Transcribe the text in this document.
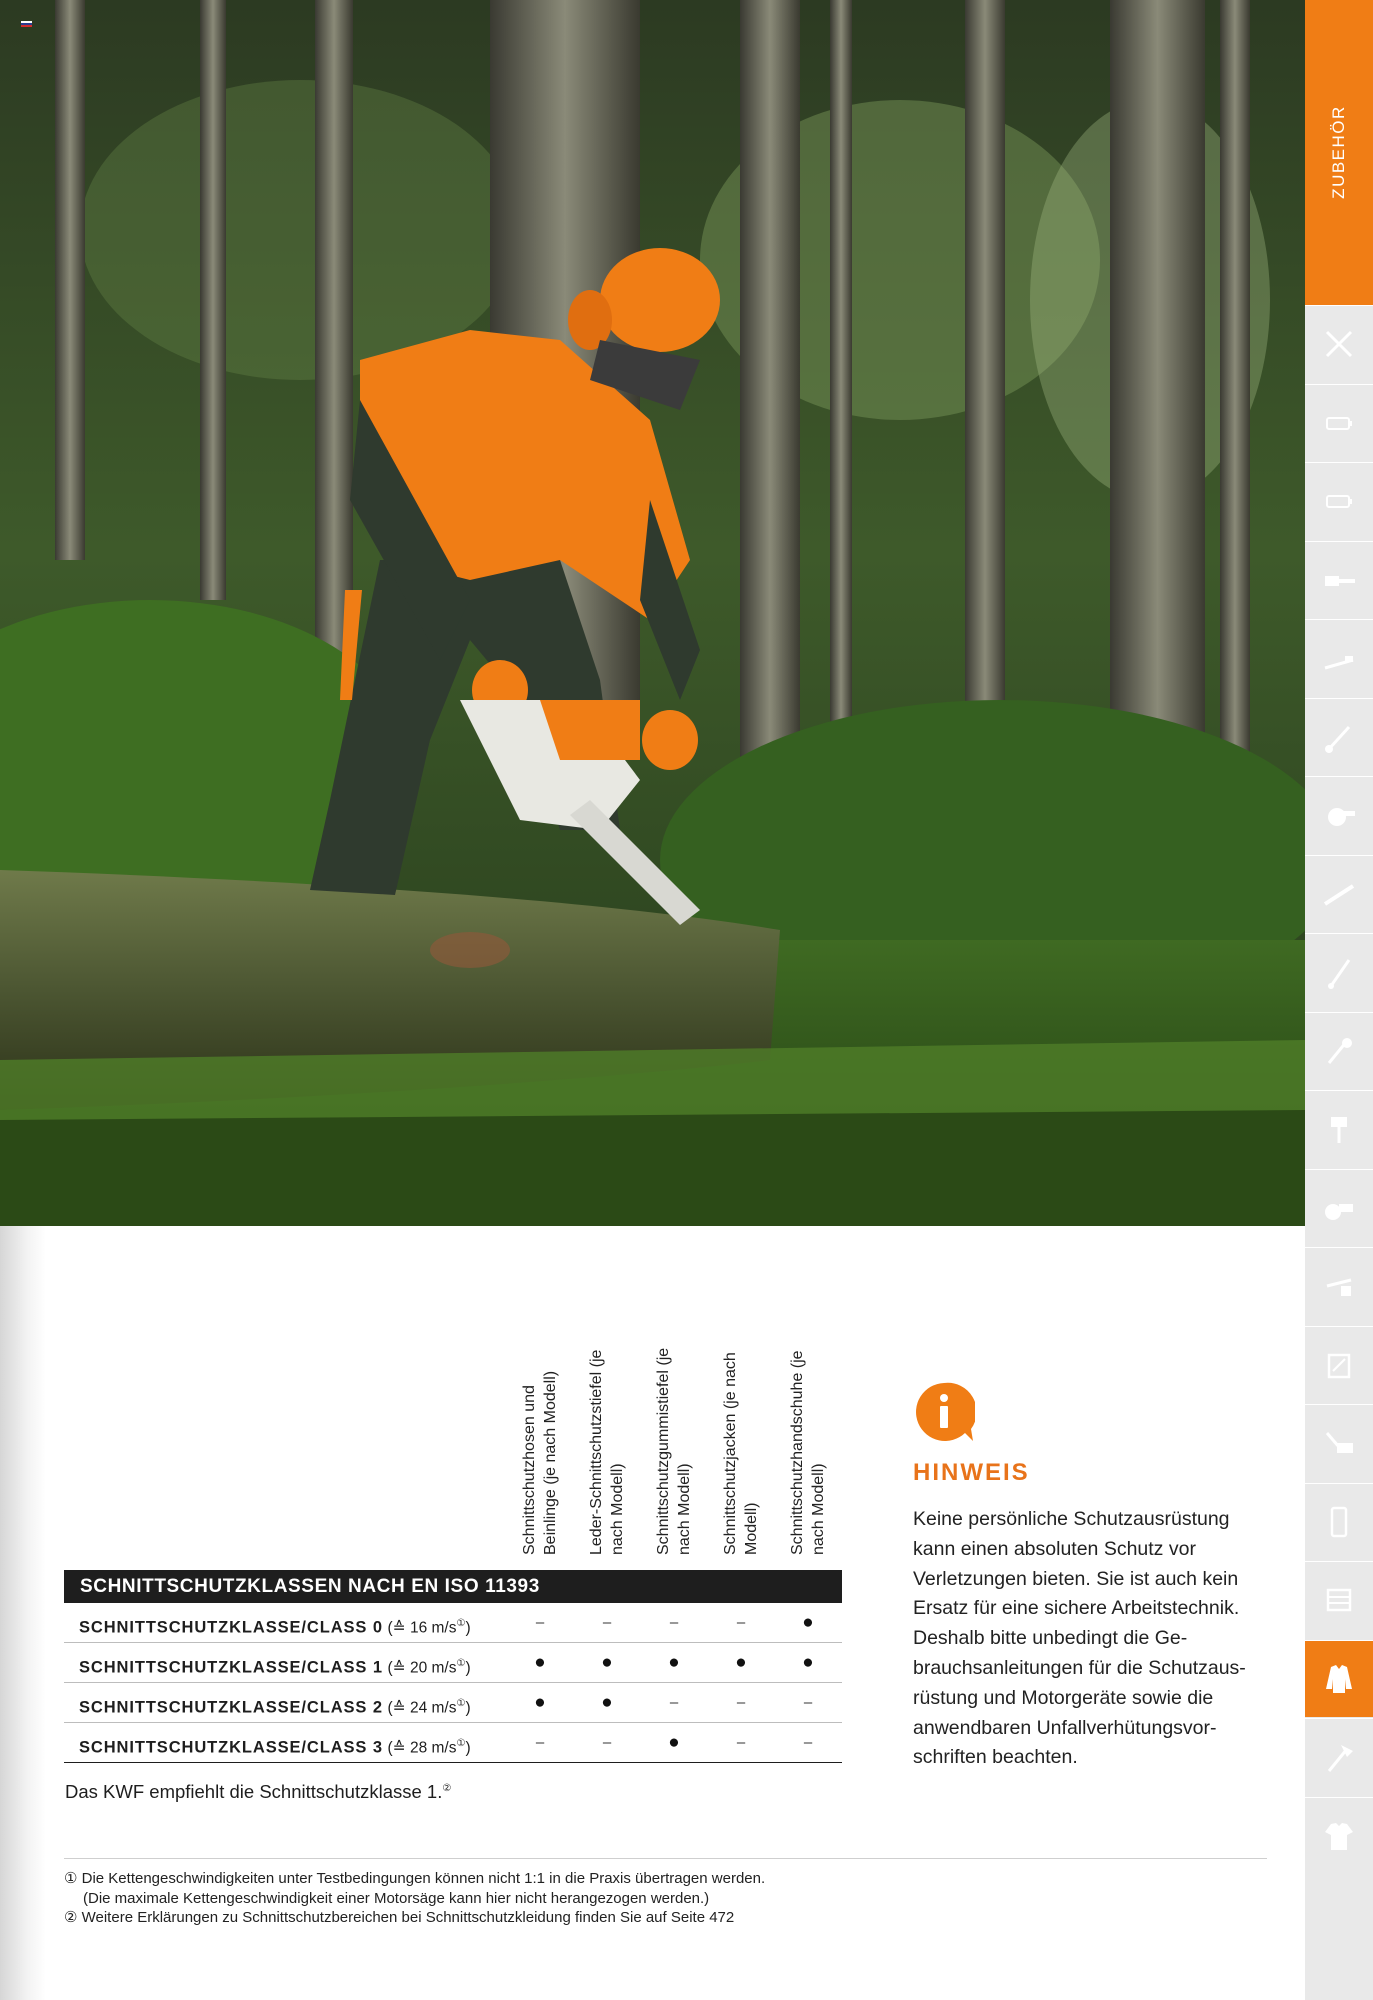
ZUBEHÖR
Schnittschutzhosen und Beinlinge (je nach Modell) Leder-Schnittschutzstiefel (je nach Modell) Schnittschutzgummistiefel (je nach Modell) Schnittschutzjacken (je nach Modell) Schnittschutzhandschuhe (je nach Modell)
SCHNITTSCHUTZKLASSEN NACH EN ISO 11393
SCHNITTSCHUTZKLASSE/CLASS 0 (≙ 16 m/s①)	–	–	–	–	●
SCHNITTSCHUTZKLASSE/CLASS 1 (≙ 20 m/s①)	●	●	●	●	●
SCHNITTSCHUTZKLASSE/CLASS 2 (≙ 24 m/s①)	●	●	–	–	–
SCHNITTSCHUTZKLASSE/CLASS 3 (≙ 28 m/s①)	–	–	●	–	–
Das KWF empfiehlt die Schnittschutzklasse 1.②
HINWEIS
Keine persönliche Schutzausrüstung
kann einen absoluten Schutz vor
Verletzungen bieten. Sie ist auch kein
Ersatz für eine sichere Arbeitstechnik.
Deshalb bitte unbedingt die Ge-
brauchsanleitungen für die Schutzaus-
rüstung und Motorgeräte sowie die
anwendbaren Unfallverhütungsvor-
schriften beachten.
① Die Kettengeschwindigkeiten unter Testbedingungen können nicht 1:1 in die Praxis übertragen werden.
(Die maximale Kettengeschwindigkeit einer Motorsäge kann hier nicht herangezogen werden.)
② Weitere Erklärungen zu Schnittschutzbereichen bei Schnittschutzkleidung finden Sie auf Seite 472
